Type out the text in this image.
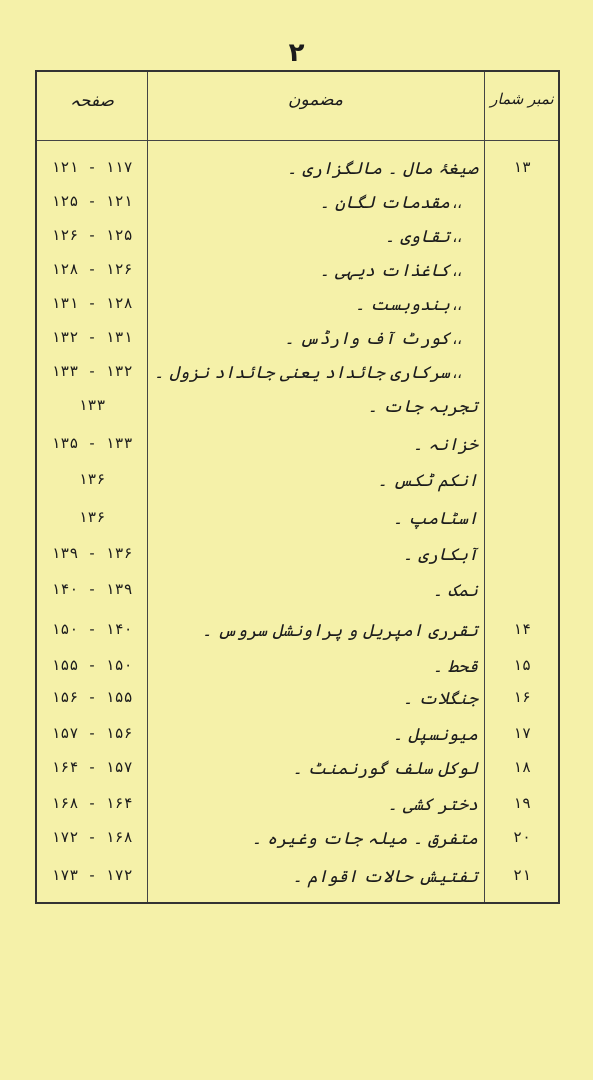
۲
صفحہ	مضمون	نمبر شمار
۱۱۷ - ۱۲۱	صیغۂ مال ۔ مالگزاری ۔	۱۳
۱۲۱ - ۱۲۵	مقدمات لگان ۔ ،،
۱۲۵ - ۱۲۶	تقاوی ۔ ،،
۱۲۶ - ۱۲۸	کاغذات دیہی ۔ ،،
۱۲۸ - ۱۳۱	بندوبست ۔ ،،
۱۳۱ - ۱۳۲	کورٹ آف وارڈس ۔ ،،
۱۳۲ - ۱۳۳	سرکاری جائداد یعنی جائداد نزول ۔ ،،
۱۳۳	تجربہ جات ۔
۱۳۳ - ۱۳۵	خزانہ ۔
۱۳۶	انکم ٹکس ۔
۱۳۶	اسٹامپ ۔
۱۳۶ - ۱۳۹	آبکاری ۔
۱۳۹ - ۱۴۰	نمک ۔
۱۴۰ - ۱۵۰	تقرری امپریل و پراونشل سروس ۔	۱۴
۱۵۰ - ۱۵۵	قحط ۔	۱۵
۱۵۵ - ۱۵۶	جنگلات ۔	۱۶
۱۵۶ - ۱۵۷	میونسپل ۔	۱۷
۱۵۷ - ۱۶۴	لوکل سلف گورنمنٹ ۔	۱۸
۱۶۴ - ۱۶۸	دختر کشی ۔	۱۹
۱۶۸ - ۱۷۲	متفرق ۔ میلہ جات وغیرہ ۔	۲۰
۱۷۲ - ۱۷۳	تفتیش حالات اقوام ۔	۲۱
